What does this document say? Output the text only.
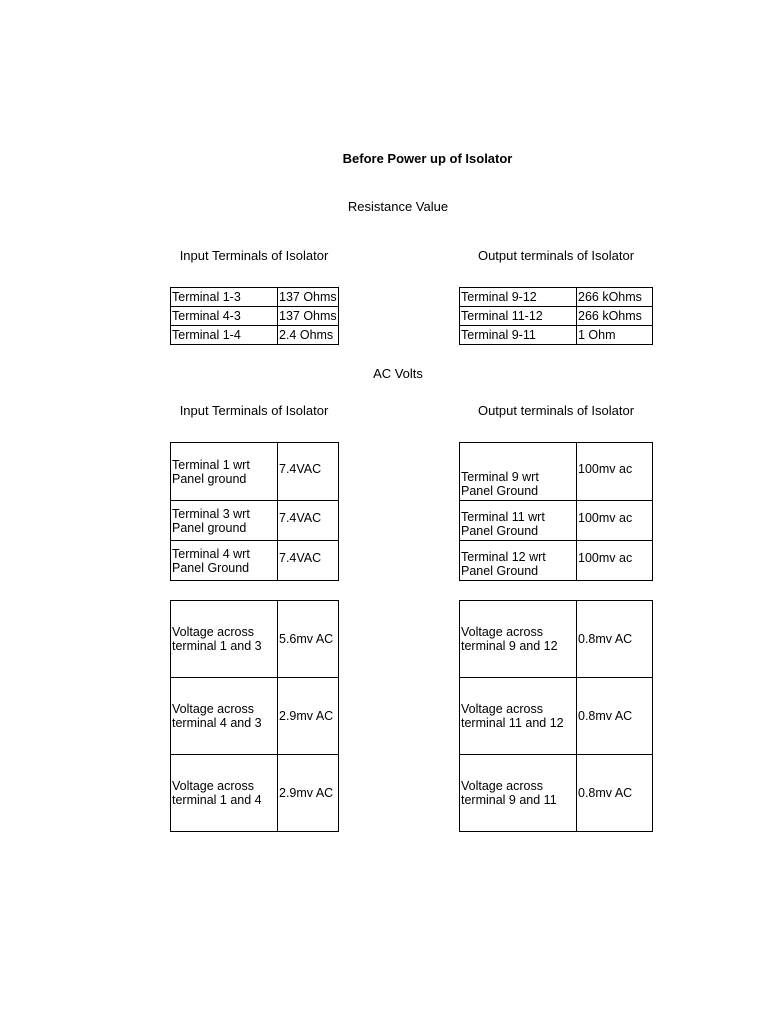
Before Power up of Isolator
Resistance Value
Input Terminals of Isolator	Output terminals of Isolator
Terminal 1-3	137 Ohms
Terminal 4-3	137 Ohms
Terminal 1-4	2.4 Ohms
Terminal 9-12	266 kOhms
Terminal 11-12	266 kOhms
Terminal 9-11	1 Ohm
AC Volts
Input Terminals of Isolator	Output terminals of Isolator
Terminal 1 wrt
Panel ground	7.4VAC

Terminal 3 wrt
Panel ground	7.4VAC

Terminal 4 wrt
Panel Ground	7.4VAC
Terminal 9 wrt
Panel Ground	100mv ac

Terminal 11 wrt
Panel Ground	100mv ac

Terminal 12 wrt
Panel Ground	100mv ac
Voltage across
terminal 1 and 3	5.6mv AC

Voltage across
terminal 4 and 3	2.9mv AC

Voltage across
terminal 1 and 4	2.9mv AC
Voltage across
terminal 9 and 12	0.8mv AC

Voltage across
terminal 11 and 12	0.8mv AC

Voltage across
terminal 9 and 11	0.8mv AC
